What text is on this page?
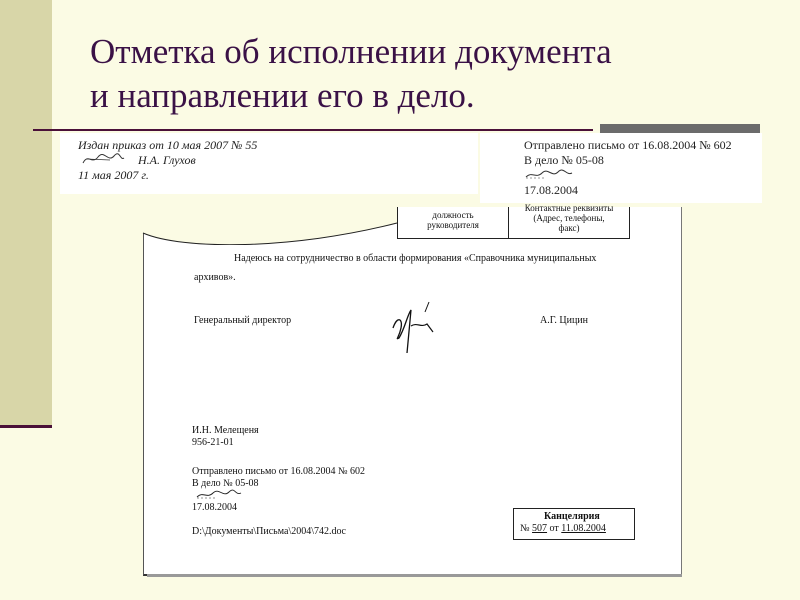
Отметка об исполнении документа
и направлении его в дело.
Издан приказ от 10 мая 2007 № 55
Н.А. Глухов
11 мая 2007 г.
Отправлено письмо от 16.08.2004 № 602
В дело № 05-08
17.08.2004
должность
руководителя
Контактные реквизиты
(Адрес, телефоны,
факс)
Надеюсь на сотрудничество в области формирования «Справочника муниципальных
архивов».
Генеральный директор	А.Г. Цицин
И.Н. Мелещеня
956-21-01
Отправлено письмо от 16.08.2004 № 602
В дело № 05-08
17.08.2004
D:\Документы\Письма\2004\742.doc
Канцелярия
№ 507 от 11.08.2004
